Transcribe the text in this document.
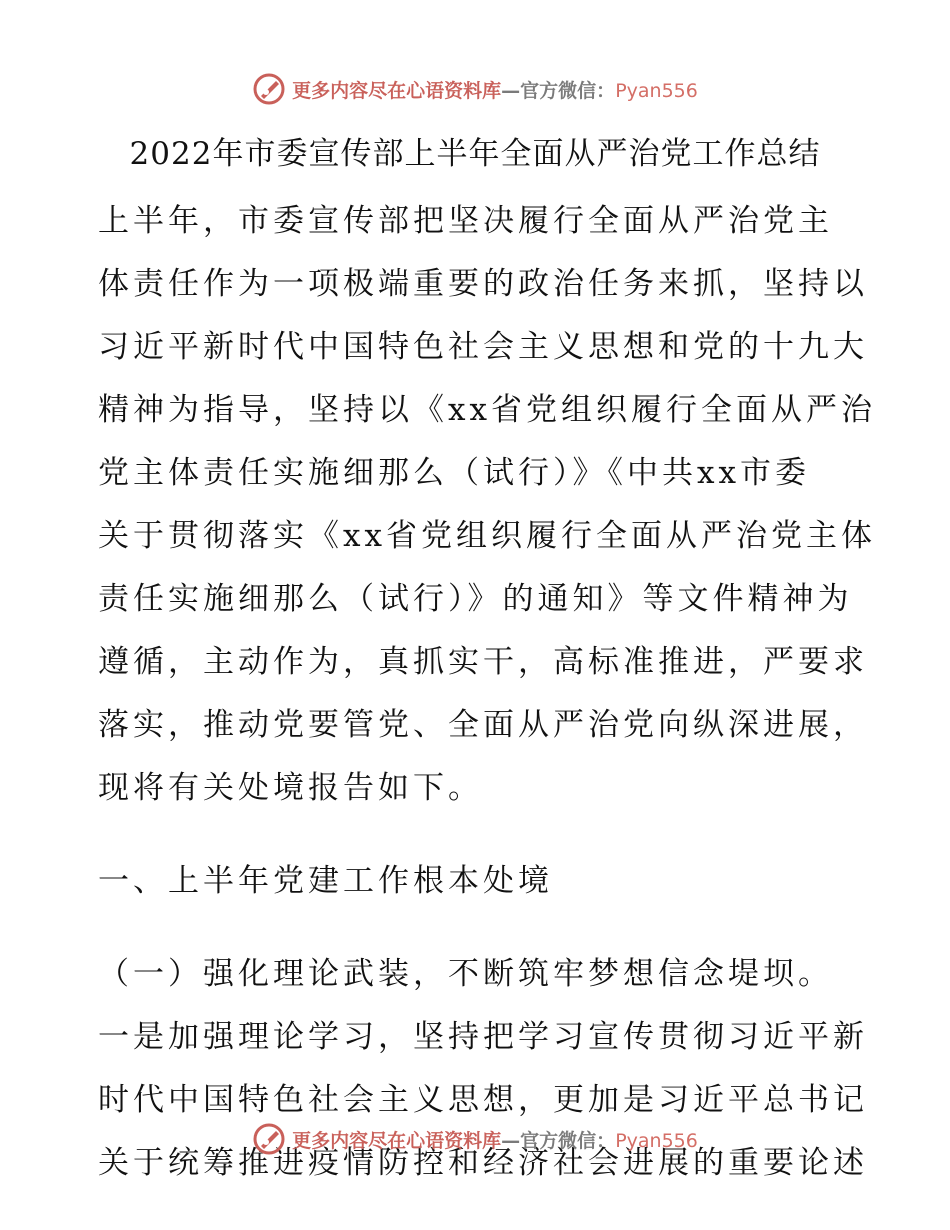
更多内容尽在心语资料库—官方微信：Pyan556
2022年市委宣传部上半年全面从严治党工作总结
上半年，市委宣传部把坚决履行全面从严治党主
体责任作为一项极端重要的政治任务来抓，坚持以
习近平新时代中国特色社会主义思想和党的十九大
精神为指导，坚持以《xx省党组织履行全面从严治
党主体责任实施细那么（试行）》《中共xx市委
关于贯彻落实《xx省党组织履行全面从严治党主体
责任实施细那么（试行）》的通知》等文件精神为
遵循，主动作为，真抓实干，高标准推进，严要求
落实，推动党要管党、全面从严治党向纵深进展，
现将有关处境报告如下。
一、上半年党建工作根本处境
（一）强化理论武装，不断筑牢梦想信念堤坝。
一是加强理论学习，坚持把学习宣传贯彻习近平新
时代中国特色社会主义思想，更加是习近平总书记
关于统筹推进疫情防控和经济社会进展的重要论述
更多内容尽在心语资料库—官方微信：Pyan556
